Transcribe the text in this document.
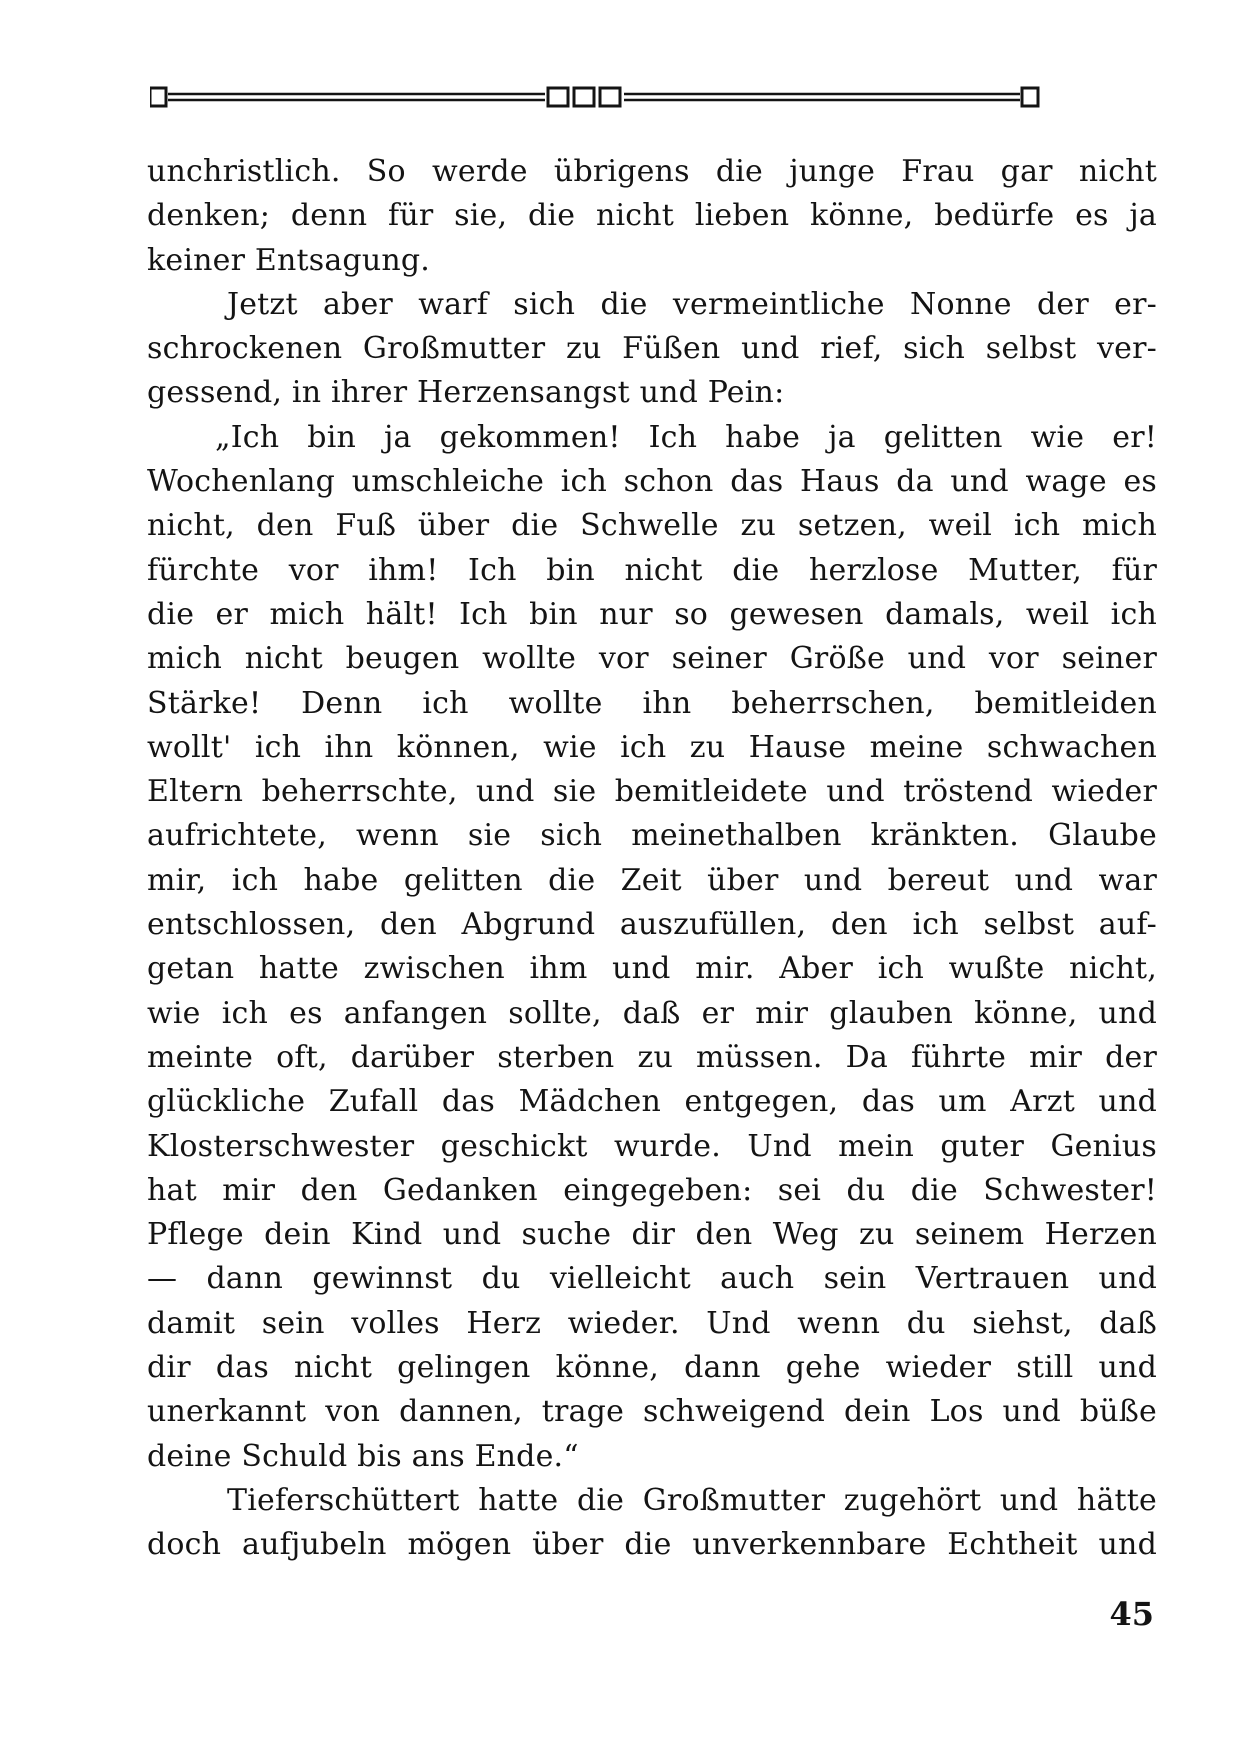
unchristlich. So werde übrigens die junge Frau gar nicht
denken; denn für sie, die nicht lieben könne, bedürfe es ja
keiner Entsagung.
Jetzt aber warf sich die vermeintliche Nonne der er-
schrockenen Großmutter zu Füßen und rief, sich selbst ver-
gessend, in ihrer Herzensangst und Pein:
„Ich bin ja gekommen! Ich habe ja gelitten wie er!
Wochenlang umschleiche ich schon das Haus da und wage es
nicht, den Fuß über die Schwelle zu setzen, weil ich mich
fürchte vor ihm! Ich bin nicht die herzlose Mutter, für
die er mich hält! Ich bin nur so gewesen damals, weil ich
mich nicht beugen wollte vor seiner Größe und vor seiner
Stärke! Denn ich wollte ihn beherrschen, bemitleiden
wollt' ich ihn können, wie ich zu Hause meine schwachen
Eltern beherrschte, und sie bemitleidete und tröstend wieder
aufrichtete, wenn sie sich meinethalben kränkten. Glaube
mir, ich habe gelitten die Zeit über und bereut und war
entschlossen, den Abgrund auszufüllen, den ich selbst auf-
getan hatte zwischen ihm und mir. Aber ich wußte nicht,
wie ich es anfangen sollte, daß er mir glauben könne, und
meinte oft, darüber sterben zu müssen. Da führte mir der
glückliche Zufall das Mädchen entgegen, das um Arzt und
Klosterschwester geschickt wurde. Und mein guter Genius
hat mir den Gedanken eingegeben: sei du die Schwester!
Pflege dein Kind und suche dir den Weg zu seinem Herzen
— dann gewinnst du vielleicht auch sein Vertrauen und
damit sein volles Herz wieder. Und wenn du siehst, daß
dir das nicht gelingen könne, dann gehe wieder still und
unerkannt von dannen, trage schweigend dein Los und büße
deine Schuld bis ans Ende.“
Tieferschüttert hatte die Großmutter zugehört und hätte
doch aufjubeln mögen über die unverkennbare Echtheit und
45
